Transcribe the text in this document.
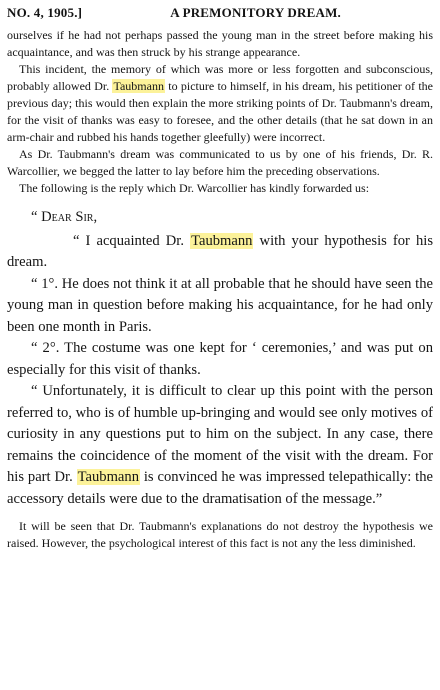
NO. 4, 1905.]	A PREMONITORY DREAM.

ourselves if he had not perhaps passed the young man in the street before making his acquaintance, and was then struck by his strange appearance.

This incident, the memory of which was more or less forgotten and subconscious, probably allowed Dr. Taubmann to picture to himself, in his dream, his petitioner of the previous day; this would then explain the more striking points of Dr. Taubmann's dream, for the visit of thanks was easy to foresee, and the other details (that he sat down in an arm-chair and rubbed his hands together gleefully) were incorrect.

As Dr. Taubmann's dream was communicated to us by one of his friends, Dr. R. Warcollier, we begged the latter to lay before him the preceding observations.

The following is the reply which Dr. Warcollier has kindly forwarded us:

“ Dear Sir,

“ I acquainted Dr. Taubmann with your hypothesis for his dream.

“ 1°. He does not think it at all probable that he should have seen the young man in question before making his acquaintance, for he had only been one month in Paris.

“ 2°. The costume was one kept for ‘ ceremonies,’ and was put on especially for this visit of thanks.

“ Unfortunately, it is difficult to clear up this point with the person referred to, who is of humble up-bringing and would see only motives of curiosity in any questions put to him on the subject. In any case, there remains the coincidence of the moment of the visit with the dream. For his part Dr. Taubmann is convinced he was impressed telepathically: the accessory details were due to the dramatisation of the message.”

It will be seen that Dr. Taubmann's explanations do not destroy the hypothesis we raised. However, the psychological interest of this fact is not any the less diminished.
